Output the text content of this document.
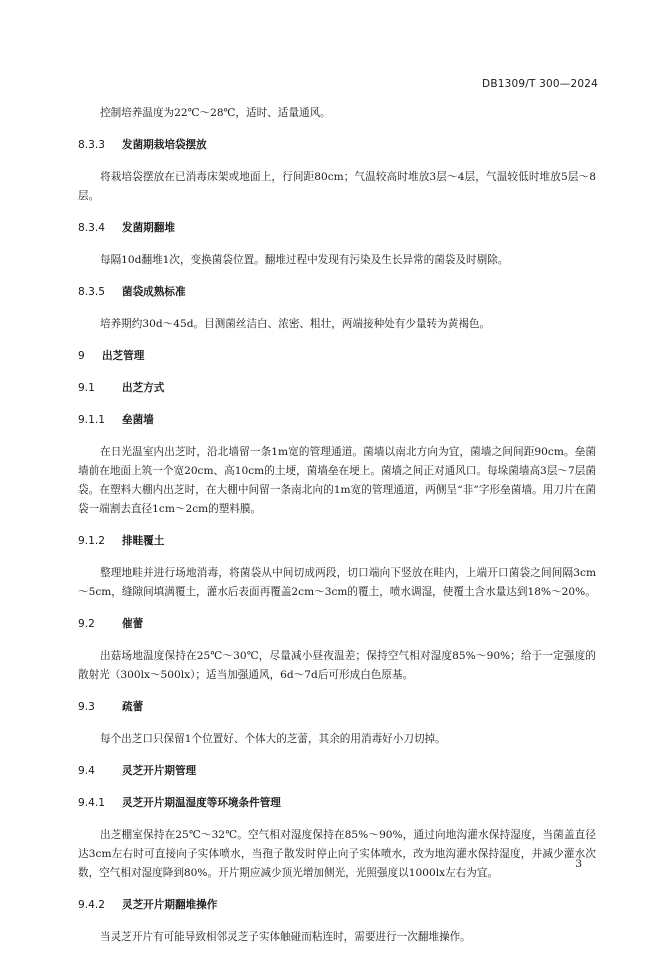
DB1309/T 300—2024

控制培养温度为22℃～28℃，适时、适量通风。

8.3.3 发菌期栽培袋摆放

将栽培袋摆放在已消毒床架或地面上，行间距80cm；气温较高时堆放3层～4层，气温较低时堆放5层～8层。

8.3.4 发菌期翻堆

每隔10d翻堆1次，变换菌袋位置。翻堆过程中发现有污染及生长异常的菌袋及时剔除。

8.3.5 菌袋成熟标准

培养期约30d～45d。目测菌丝洁白、浓密、粗壮，两端接种处有少量转为黄褐色。

9 出芝管理
9.1	出芝方式
9.1.1 垒菌墙

在日光温室内出芝时，沿北墙留一条1m宽的管理通道。菌墙以南北方向为宜，菌墙之间间距90cm。垒菌墙前在地面上筑一个宽20cm、高10cm的土埂，菌墙垒在埂上。菌墙之间正对通风口。每垛菌墙高3层～7层菌袋。在塑料大棚内出芝时，在大棚中间留一条南北向的1m宽的管理通道，两侧呈“非”字形垒菌墙。用刀片在菌袋一端割去直径1cm～2cm的塑料膜。

9.1.2 排畦覆土

整理地畦并进行场地消毒，将菌袋从中间切成两段，切口端向下竖放在畦内，上端开口菌袋之间间隔3cm～5cm，缝隙间填满覆土，灌水后表面再覆盖2cm～3cm的覆土，喷水调湿，使覆土含水量达到18%～20%。

9.2	催蕾

出菇场地温度保持在25℃～30℃，尽量减小昼夜温差；保持空气相对湿度85%～90%；给于一定强度的散射光（300lx～500lx）；适当加强通风，6d～7d后可形成白色原基。

9.3	疏蕾

每个出芝口只保留1个位置好、个体大的芝蕾，其余的用消毒好小刀切掉。

9.4	灵芝开片期管理
9.4.1 灵芝开片期温湿度等环境条件管理

出芝棚室保持在25℃～32℃。空气相对湿度保持在85%～90%，通过向地沟灌水保持湿度，当菌盖直径达3cm左右时可直接向子实体喷水，当孢子散发时停止向子实体喷水，改为地沟灌水保持湿度，并减少灌水次数，空气相对湿度降到80%。开片期应减少顶光增加侧光，光照强度以1000lx左右为宜。

9.4.2 灵芝开片期翻堆操作

当灵芝开片有可能导致相邻灵芝子实体触碰而粘连时，需要进行一次翻堆操作。

3
